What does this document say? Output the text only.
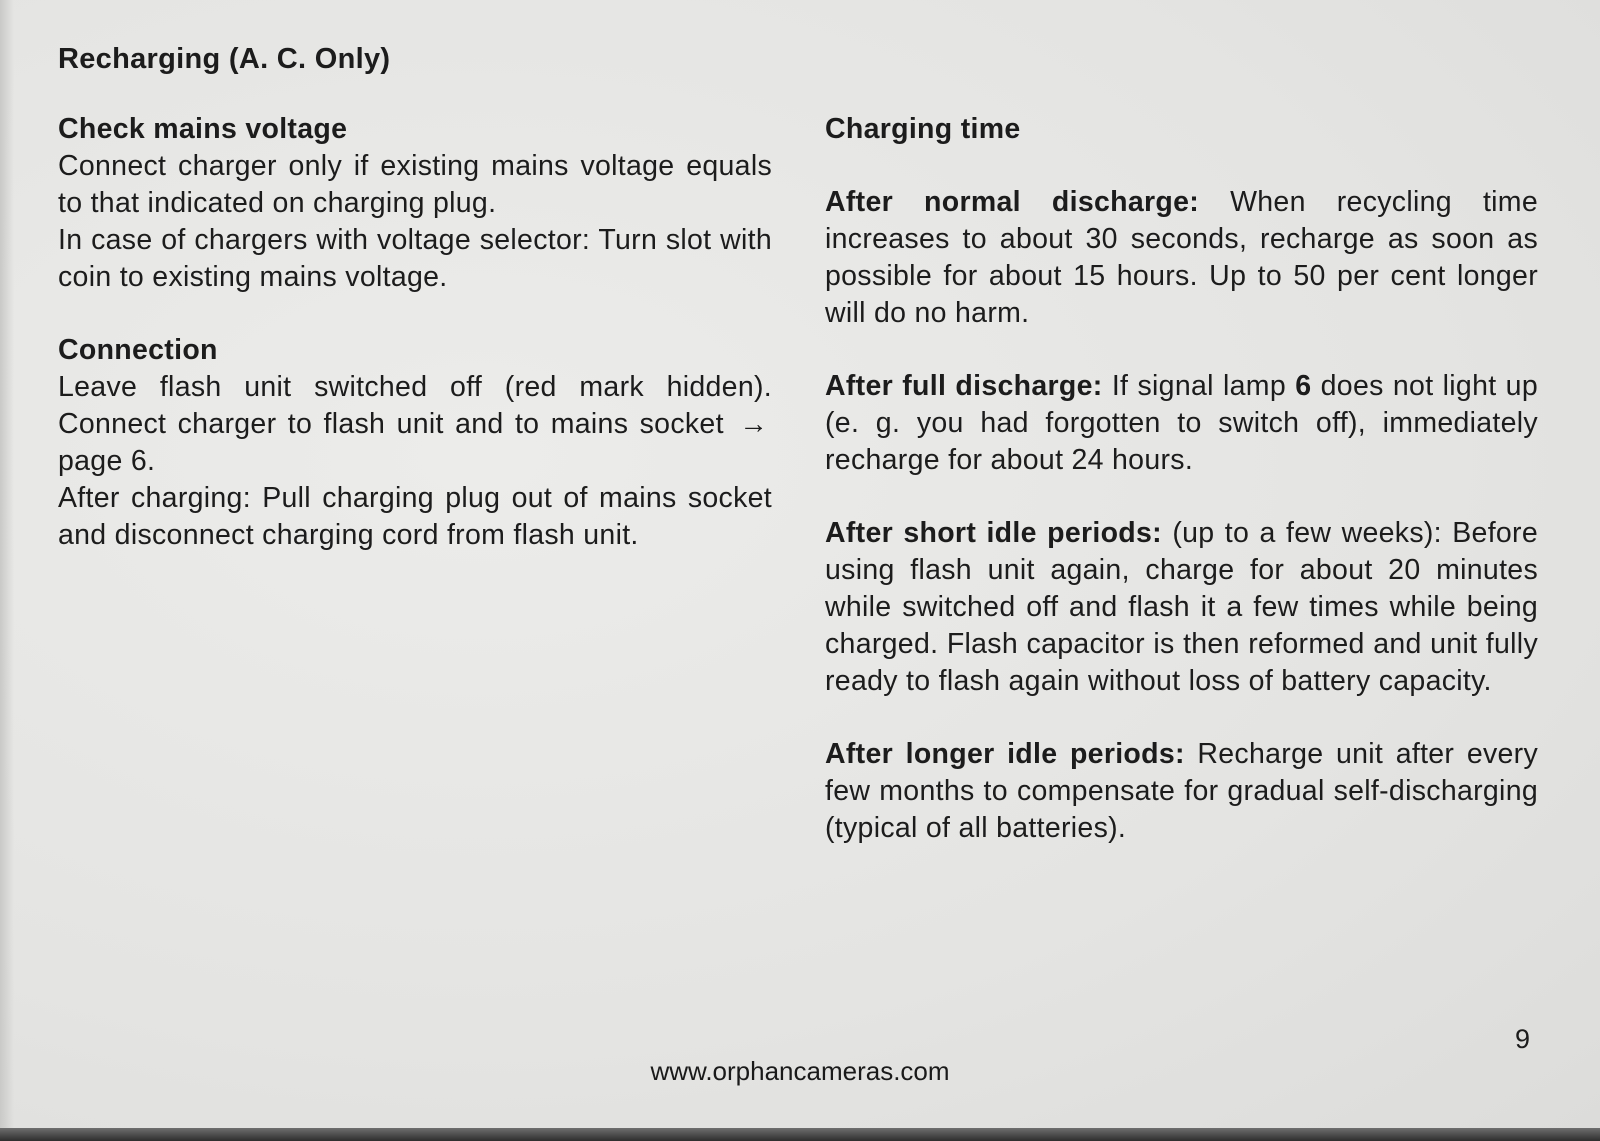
Recharging (A. C. Only)

Check mains voltage

Connect charger only if existing mains voltage equals to that indicated on charging plug.

In case of chargers with voltage selector: Turn slot with coin to existing mains voltage.

Connection

Leave flash unit switched off (red mark hidden). Connect charger to flash unit and to mains socket → page 6.

After charging: Pull charging plug out of mains socket and disconnect charging cord from flash unit.

Charging time

After normal discharge: When recycling time increases to about 30 seconds, recharge as soon as possible for about 15 hours. Up to 50 per cent longer will do no harm.

After full discharge: If signal lamp 6 does not light up (e. g. you had forgotten to switch off), immediately recharge for about 24 hours.

After short idle periods: (up to a few weeks): Before using flash unit again, charge for about 20 minutes while switched off and flash it a few times while being charged. Flash capacitor is then reformed and unit fully ready to flash again without loss of battery capacity.

After longer idle periods: Recharge unit after every few months to compensate for gradual self-discharging (typical of all batteries).

www.orphancameras.com
9
